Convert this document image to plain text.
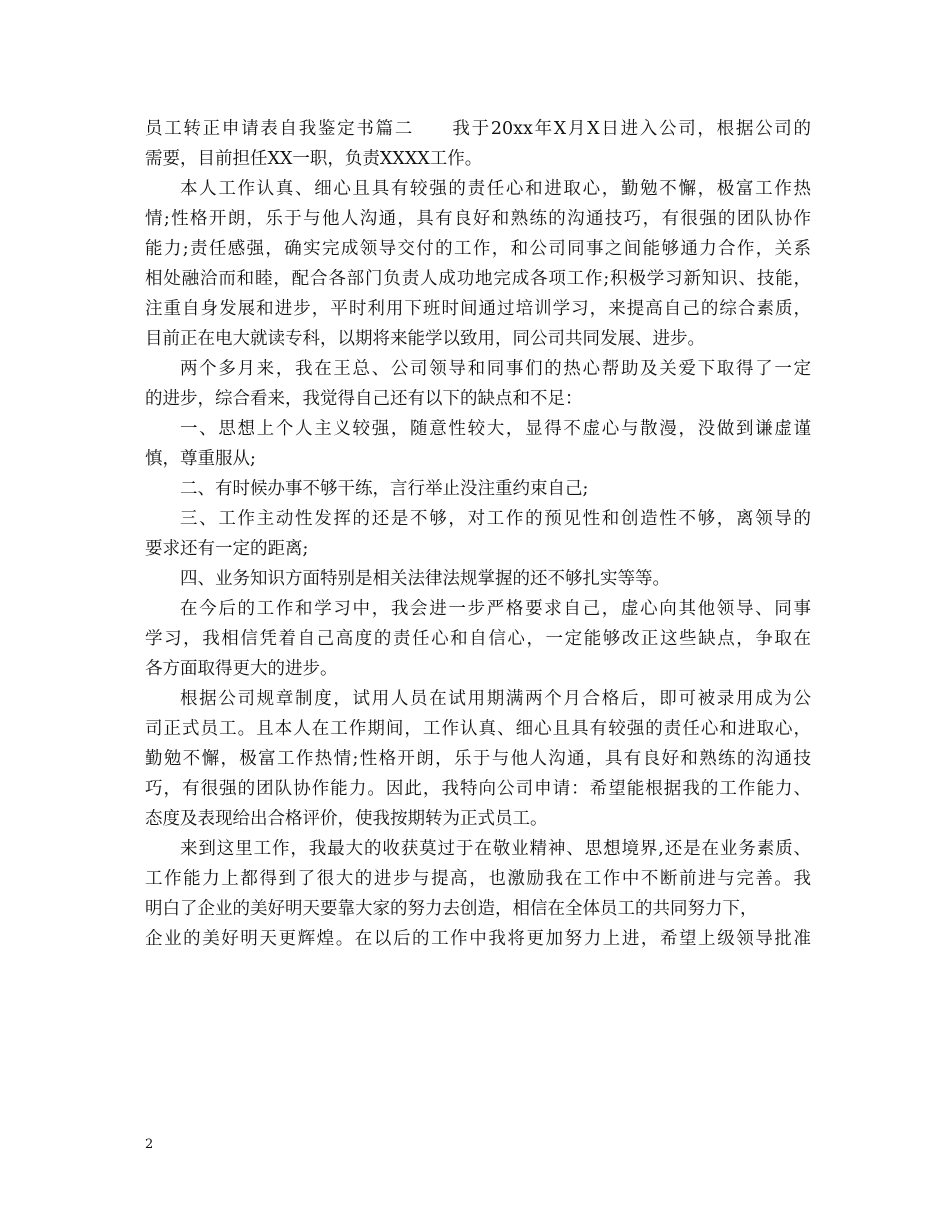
员工转正申请表自我鉴定书篇二　　我于20xx年X月X日进入公司，根据公司的
需要，目前担任XX一职，负责XXXX工作。
本人工作认真、细心且具有较强的责任心和进取心，勤勉不懈，极富工作热
情;性格开朗，乐于与他人沟通，具有良好和熟练的沟通技巧，有很强的团队协作
能力;责任感强，确实完成领导交付的工作，和公司同事之间能够通力合作，关系
相处融洽而和睦，配合各部门负责人成功地完成各项工作;积极学习新知识、技能，
注重自身发展和进步，平时利用下班时间通过培训学习，来提高自己的综合素质，
目前正在电大就读专科，以期将来能学以致用，同公司共同发展、进步。
两个多月来，我在王总、公司领导和同事们的热心帮助及关爱下取得了一定
的进步，综合看来，我觉得自己还有以下的缺点和不足：
一、思想上个人主义较强，随意性较大，显得不虚心与散漫，没做到谦虚谨
慎，尊重服从;
二、有时候办事不够干练，言行举止没注重约束自己;
三、工作主动性发挥的还是不够，对工作的预见性和创造性不够，离领导的
要求还有一定的距离;
四、业务知识方面特别是相关法律法规掌握的还不够扎实等等。
在今后的工作和学习中，我会进一步严格要求自己，虚心向其他领导、同事
学习，我相信凭着自己高度的责任心和自信心，一定能够改正这些缺点，争取在
各方面取得更大的进步。
根据公司规章制度，试用人员在试用期满两个月合格后，即可被录用成为公
司正式员工。且本人在工作期间，工作认真、细心且具有较强的责任心和进取心，
勤勉不懈，极富工作热情;性格开朗，乐于与他人沟通，具有良好和熟练的沟通技
巧，有很强的团队协作能力。因此，我特向公司申请：希望能根据我的工作能力、
态度及表现给出合格评价，使我按期转为正式员工。
来到这里工作，我最大的收获莫过于在敬业精神、思想境界,还是在业务素质、
工作能力上都得到了很大的进步与提高，也激励我在工作中不断前进与完善。我
明白了企业的美好明天要靠大家的努力去创造，相信在全体员工的共同努力下，
企业的美好明天更辉煌。在以后的工作中我将更加努力上进，希望上级领导批准
2
